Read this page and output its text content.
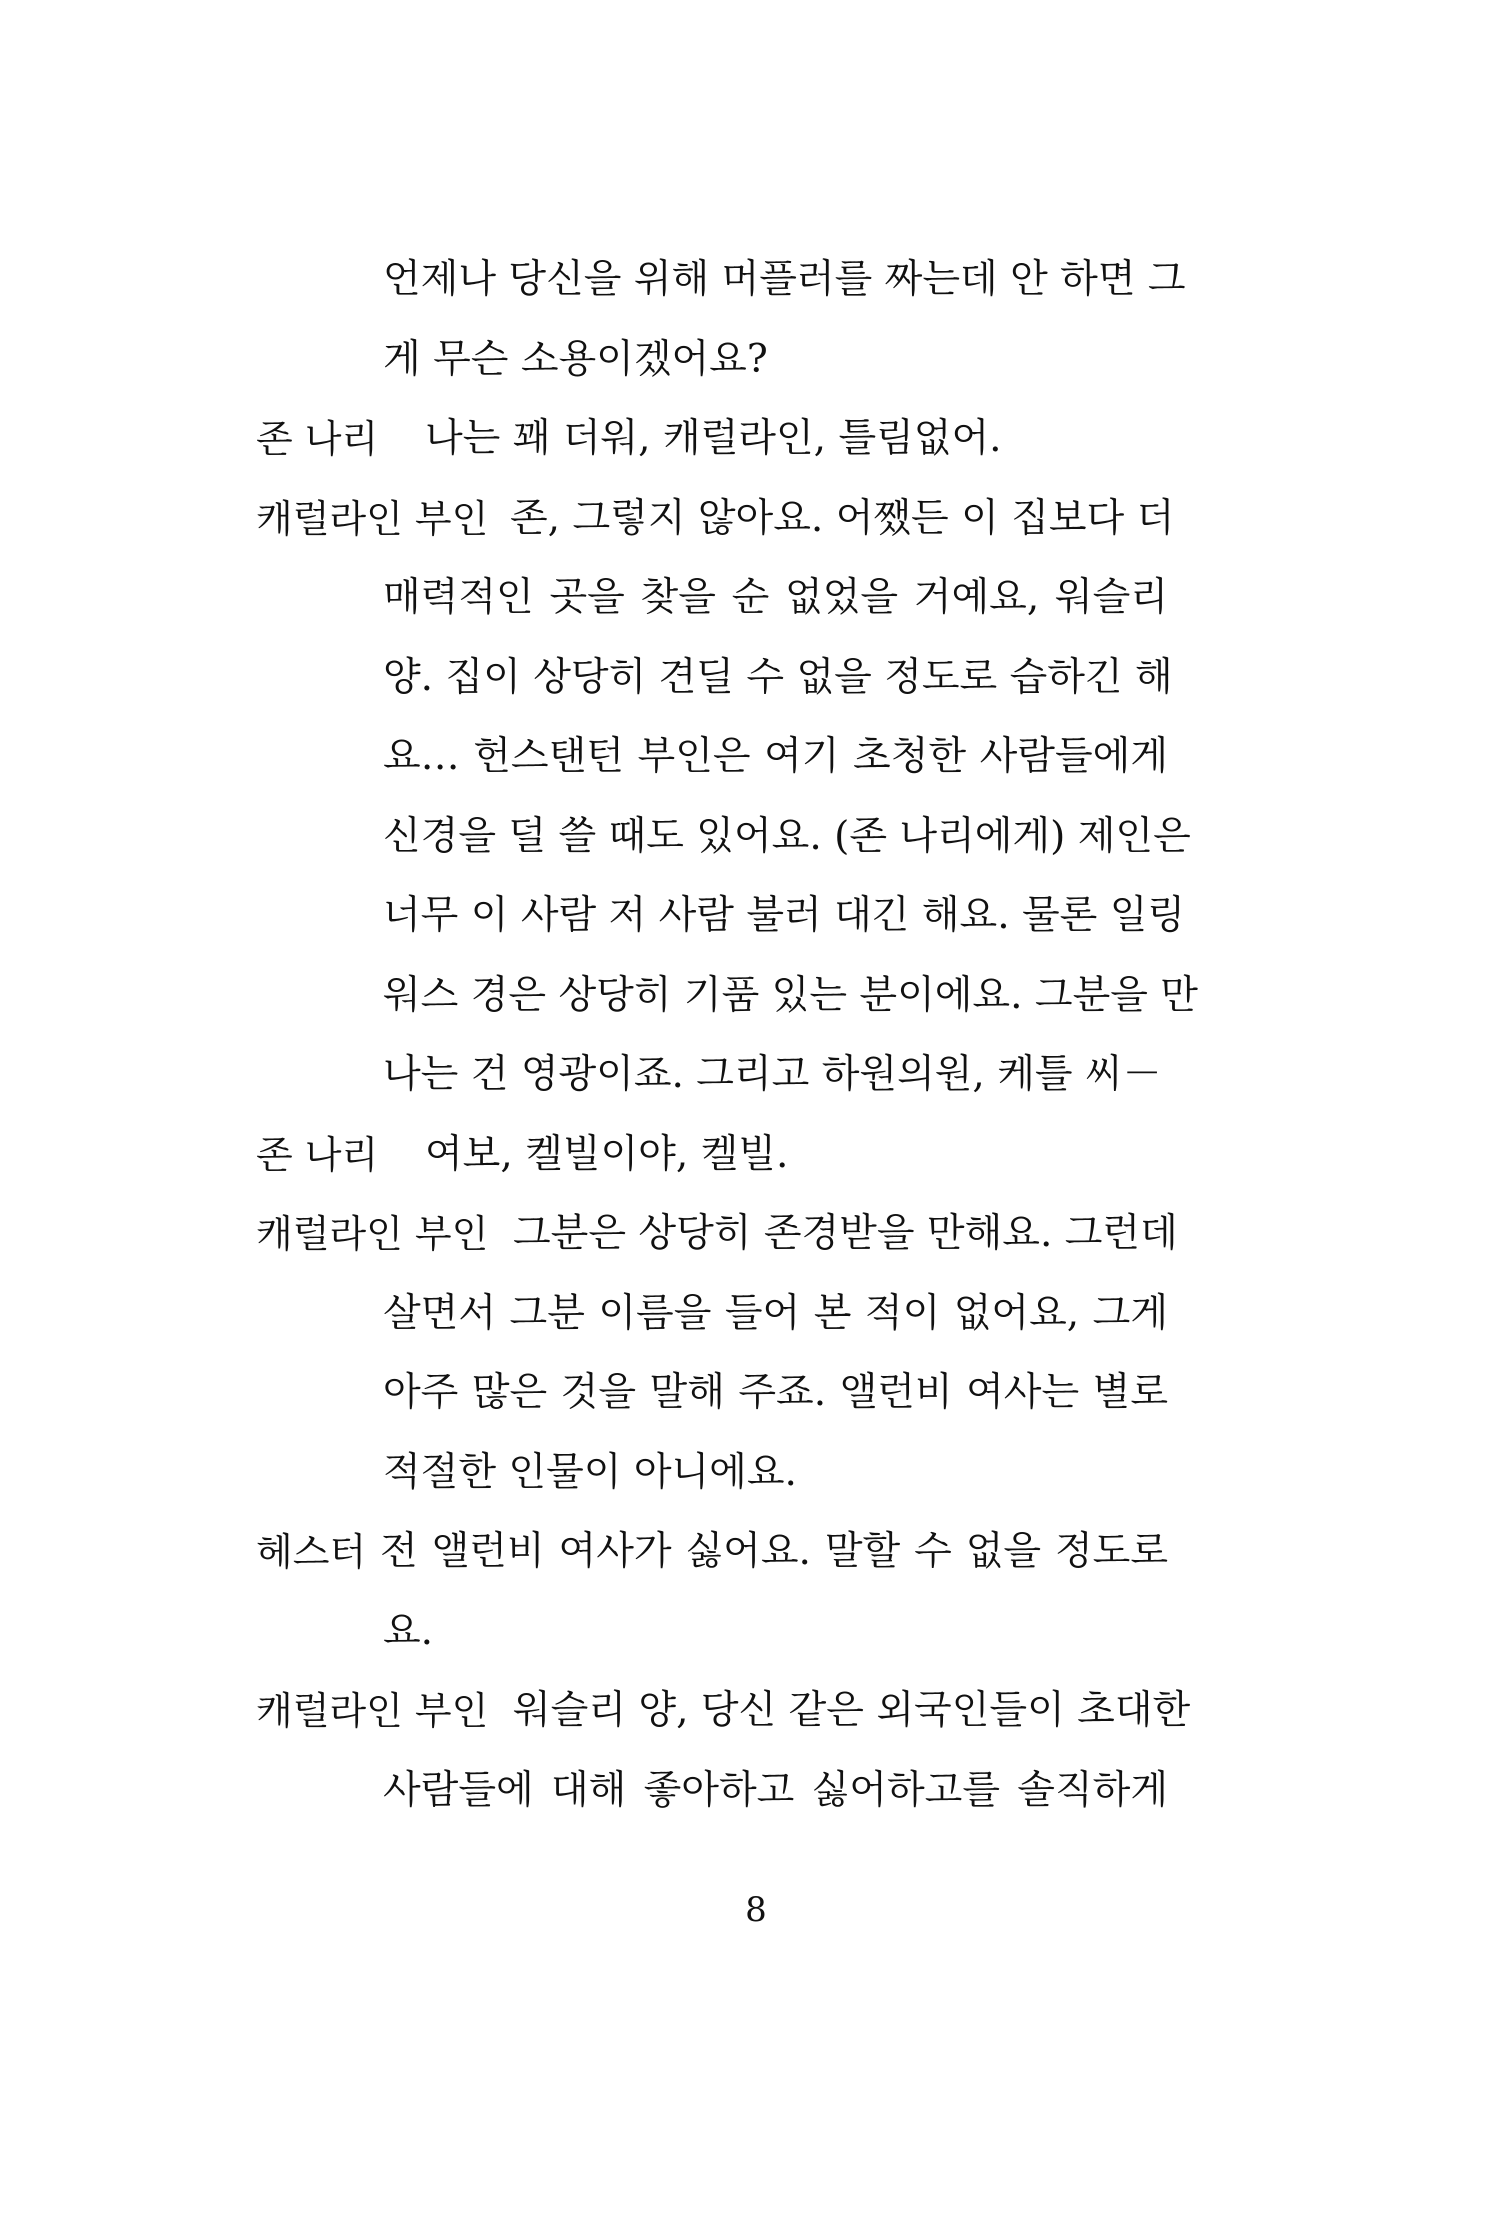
언제나 당신을 위해 머플러를 짜는데 안 하면 그
게 무슨 소용이겠어요?
존 나리 나는 꽤 더워, 캐럴라인, 틀림없어.
캐럴라인 부인 존, 그렇지 않아요. 어쨌든 이 집보다 더
매력적인 곳을 찾을 순 없었을 거예요, 워슬리
양. 집이 상당히 견딜 수 없을 정도로 습하긴 해
요… 헌스탠턴 부인은 여기 초청한 사람들에게
신경을 덜 쓸 때도 있어요. (존 나리에게) 제인은
너무 이 사람 저 사람 불러 대긴 해요. 물론 일링
워스 경은 상당히 기품 있는 분이에요. 그분을 만
나는 건 영광이죠. 그리고 하원의원, 케틀 씨－
존 나리 여보, 켈빌이야, 켈빌.
캐럴라인 부인 그분은 상당히 존경받을 만해요. 그런데
살면서 그분 이름을 들어 본 적이 없어요, 그게
아주 많은 것을 말해 주죠. 앨런비 여사는 별로
적절한 인물이 아니에요.
헤스터 전 앨런비 여사가 싫어요. 말할 수 없을 정도로
요.
캐럴라인 부인 워슬리 양, 당신 같은 외국인들이 초대한
사람들에 대해 좋아하고 싫어하고를 솔직하게
8
